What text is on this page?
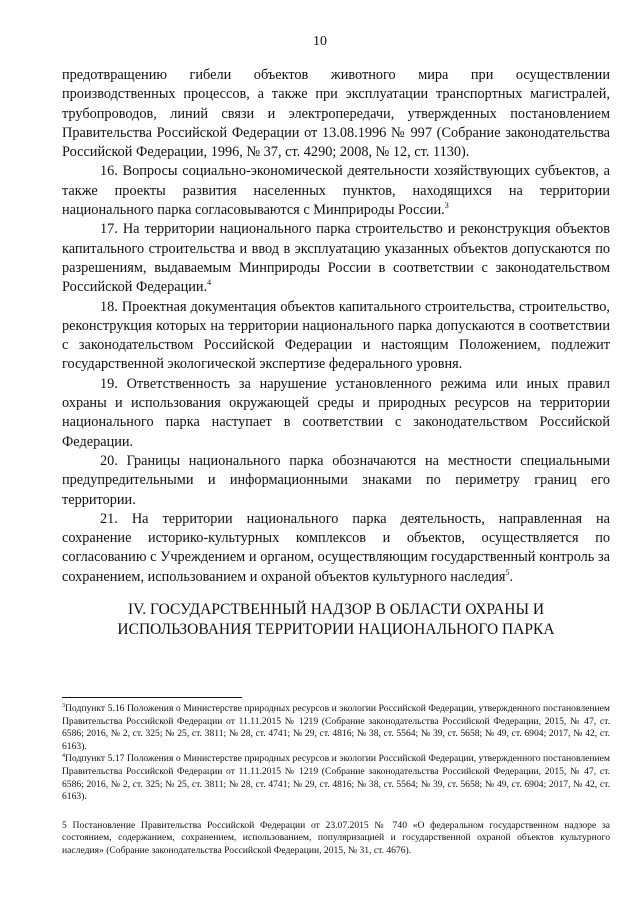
10

предотвращению гибели объектов животного мира при осуществлении производственных процессов, а также при эксплуатации транспортных магистралей, трубопроводов, линий связи и электропередачи, утвержденных постановлением Правительства Российской Федерации от 13.08.1996 № 997 (Собрание законодательства Российской Федерации, 1996, № 37, ст. 4290; 2008, № 12, ст. 1130).

16. Вопросы социально-экономической деятельности хозяйствующих субъектов, а также проекты развития населенных пунктов, находящихся на территории национального парка согласовываются с Минприроды России.$^3$

17. На территории национального парка строительство и реконструкция объектов капитального строительства и ввод в эксплуатацию указанных объектов допускаются по разрешениям, выдаваемым Минприроды России в соответствии с законодательством Российской Федерации.$^4$

18. Проектная документация объектов капитального строительства, строительство, реконструкция которых на территории национального парка допускаются в соответствии с законодательством Российской Федерации и настоящим Положением, подлежит государственной экологической экспертизе федерального уровня.

19. Ответственность за нарушение установленного режима или иных правил охраны и использования окружающей среды и природных ресурсов на территории национального парка наступает в соответствии с законодательством Российской Федерации.

20. Границы национального парка обозначаются на местности специальными предупредительными и информационными знаками по периметру границ его территории.

21. На территории национального парка деятельность, направленная на сохранение историко-культурных комплексов и объектов, осуществляется по согласованию с Учреждением и органом, осуществляющим государственный контроль за сохранением, использованием и охраной объектов культурного наследия$^5$.

IV. ГОСУДАРСТВЕННЫЙ НАДЗОР В ОБЛАСТИ ОХРАНЫ И
ИСПОЛЬЗОВАНИЯ ТЕРРИТОРИИ НАЦИОНАЛЬНОГО ПАРКА

$^3$Подпункт 5.16 Положения о Министерстве природных ресурсов и экологии Российской Федерации, утвержденного постановлением Правительства Российской Федерации от 11.11.2015 № 1219 (Собрание законодательства Российской Федерации, 2015, № 47, ст. 6586; 2016, № 2, ст. 325; № 25, ст. 3811; № 28, ст. 4741; № 29, ст. 4816; № 38, ст. 5564; № 39, ст. 5658; № 49, ст. 6904; 2017, № 42, ст. 6163).

$^4$Подпункт 5.17 Положения о Министерстве природных ресурсов и экологии Российской Федерации, утвержденного постановлением Правительства Российской Федерации от 11.11.2015 № 1219 (Собрание законодательства Российской Федерации, 2015, № 47, ст. 6586; 2016, № 2, ст. 325; № 25, ст. 3811; № 28, ст. 4741; № 29, ст. 4816; № 38, ст. 5564; № 39, ст. 5658; № 49, ст. 6904; 2017, № 42, ст. 6163).

5 Постановление Правительства Российской Федерации от 23.07.2015 № 740 «О федеральном государственном надзоре за состоянием, содержанием, сохранением, использованием, популяризацией и государственной охраной объектов культурного наследия» (Собрание законодательства Российской Федерации, 2015, № 31, ст. 4676).
